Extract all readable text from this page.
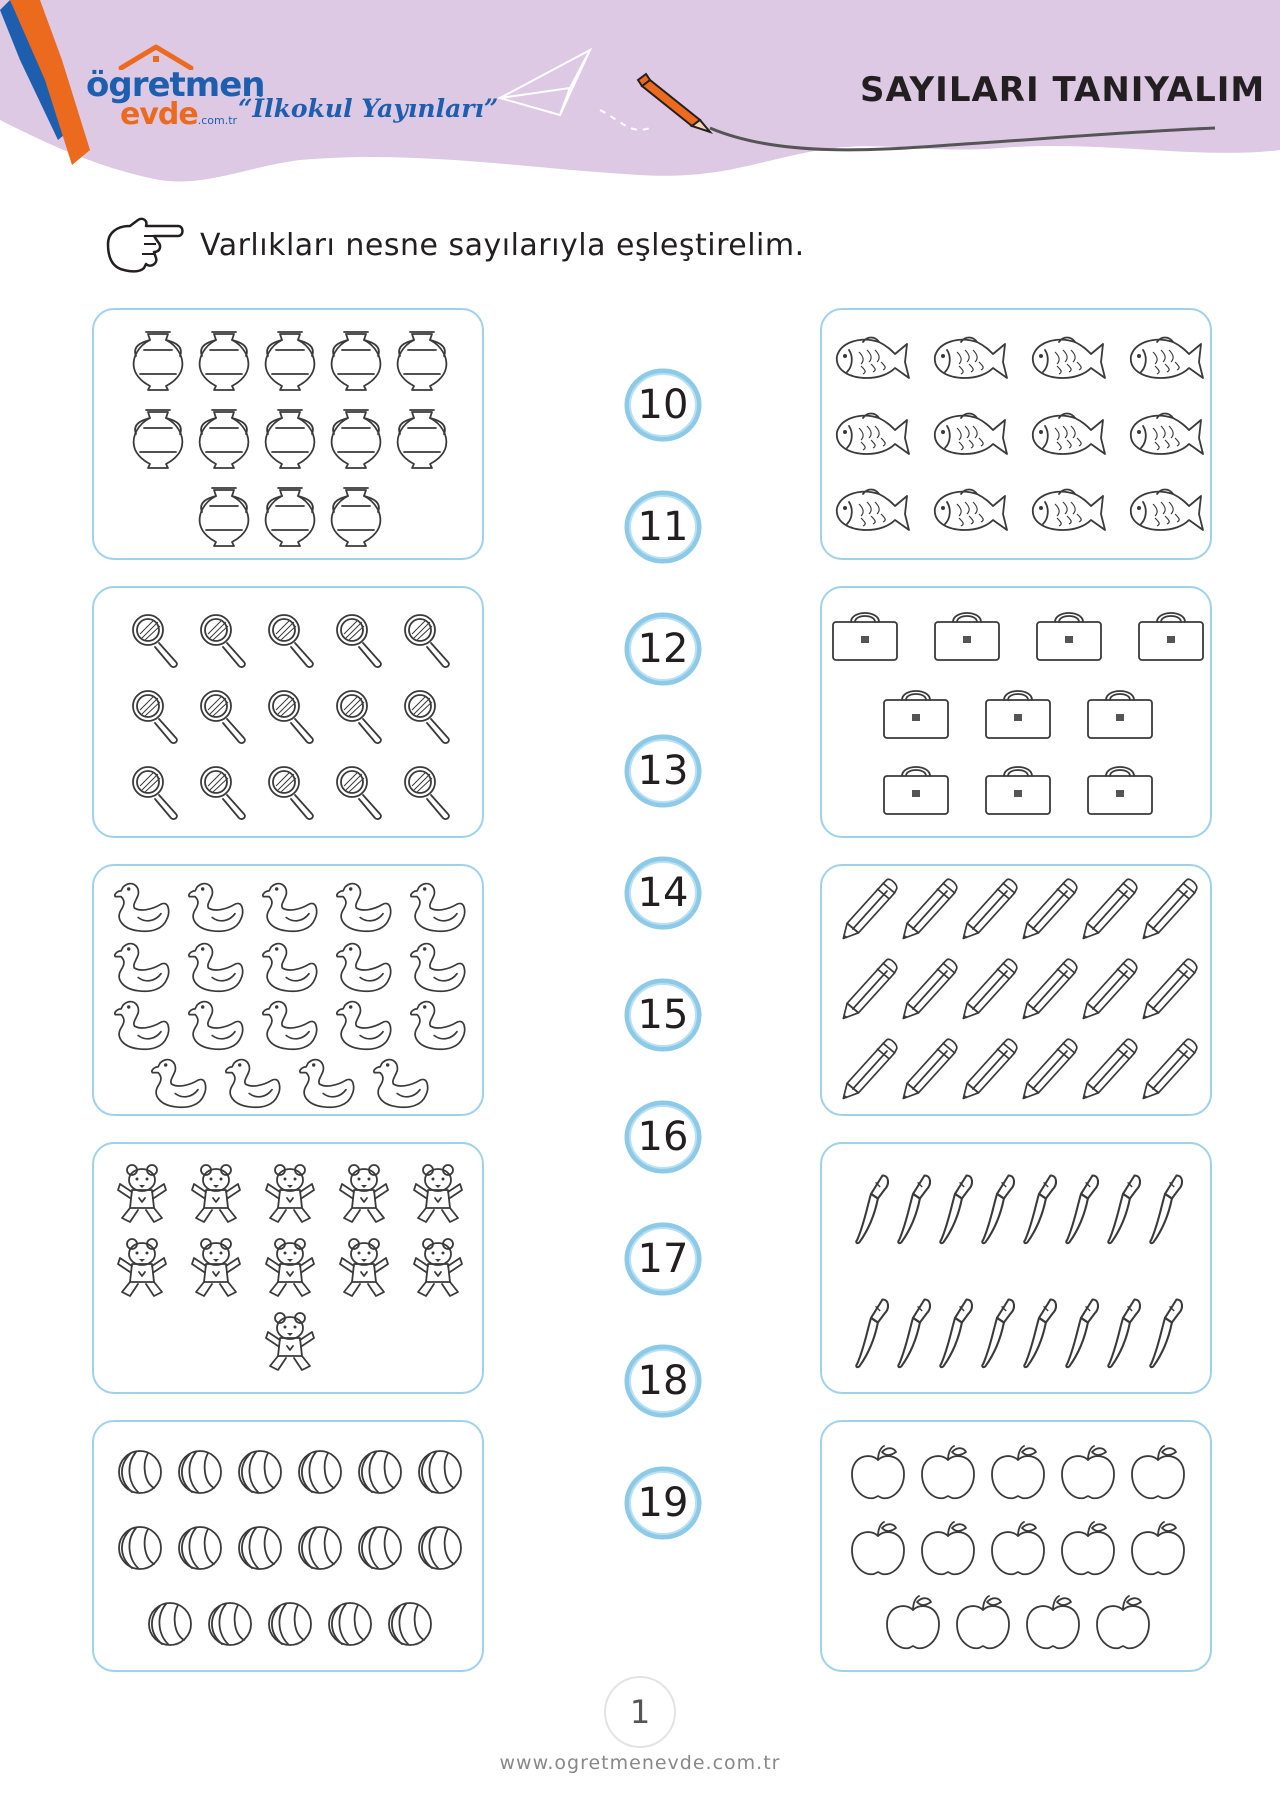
ögretmen
evde.com.tr “İlkokul Yayınları”	SAYILARI TANIYALIM
Varlıkları nesne sayılarıyla eşleştirelim.
10
11
12
13
14
15
16
17
18
19
1
www.ogretmenevde.com.tr
